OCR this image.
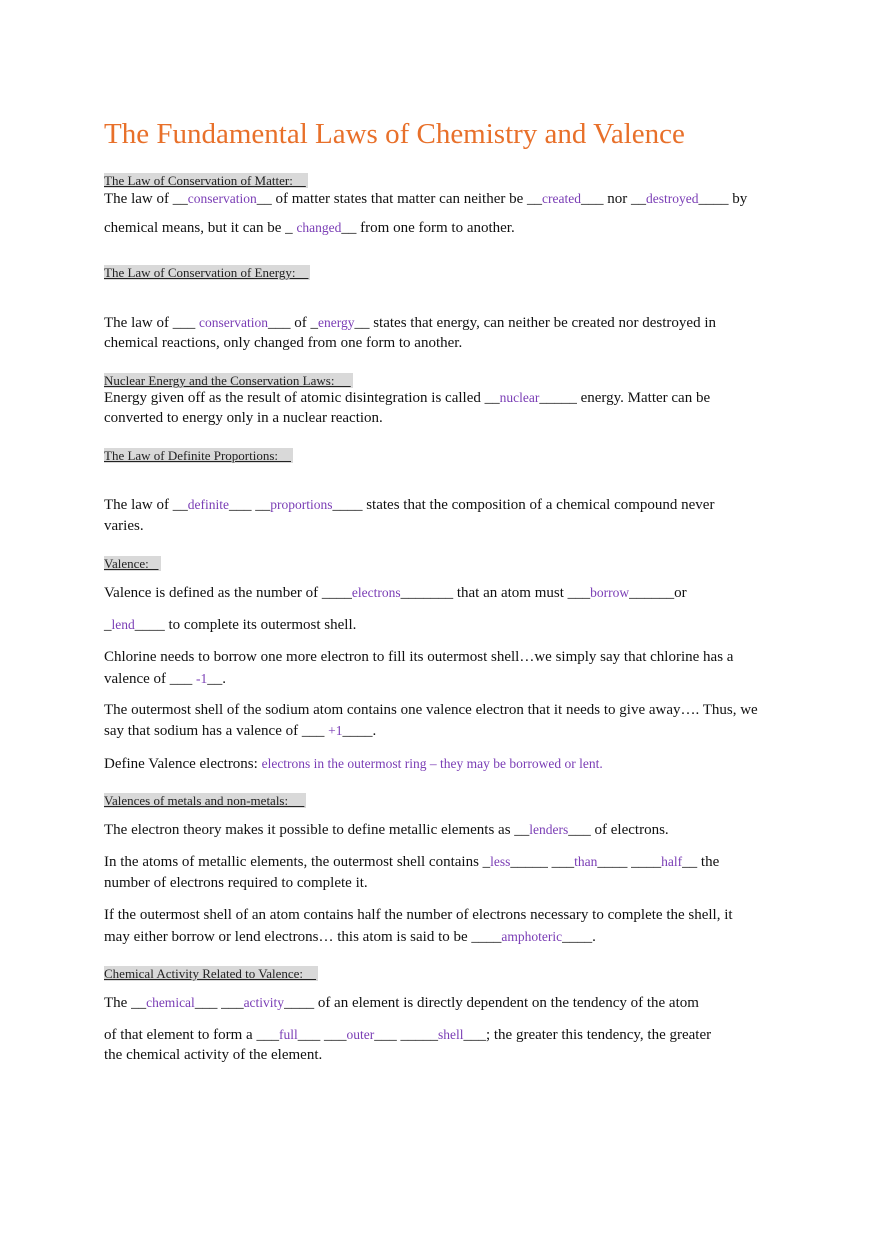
The Fundamental Laws of Chemistry and Valence
The Law of Conservation of Matter:

The law of __conservation__ of matter states that matter can neither be __created___ nor __destroyed____ by

chemical means, but it can be _ changed__ from one form to another.

The Law of Conservation of Energy:

The law of ___ conservation___ of _energy__ states that energy, can neither be created nor destroyed in

chemical reactions, only changed from one form to another.

Nuclear Energy and the Conservation Laws:

Energy given off as the result of atomic disintegration is called __nuclear_____ energy. Matter can be

converted to energy only in a nuclear reaction.

The Law of Definite Proportions:

The law of __definite___ __proportions____ states that the composition of a chemical compound never

varies.

Valence:

Valence is defined as the number of ____electrons_______ that an atom must ___borrow______or

_lend____ to complete its outermost shell.

Chlorine needs to borrow one more electron to fill its outermost shell…we simply say that chlorine has a

valence of ___ -1__.

The outermost shell of the sodium atom contains one valence electron that it needs to give away…. Thus, we

say that sodium has a valence of ___ +1____.

Define Valence electrons: electrons in the outermost ring – they may be borrowed or lent.

Valences of metals and non-metals:

The electron theory makes it possible to define metallic elements as __lenders___ of electrons.

In the atoms of metallic elements, the outermost shell contains _less_____ ___than____ ____half__ the

number of electrons required to complete it.

If the outermost shell of an atom contains half the number of electrons necessary to complete the shell, it

may either borrow or lend electrons… this atom is said to be ____amphoteric____.

Chemical Activity Related to Valence:

The __chemical___ ___activity____ of an element is directly dependent on the tendency of the atom

of that element to form a ___full___ ___outer___ _____shell___; the greater this tendency, the greater

the chemical activity of the element.
